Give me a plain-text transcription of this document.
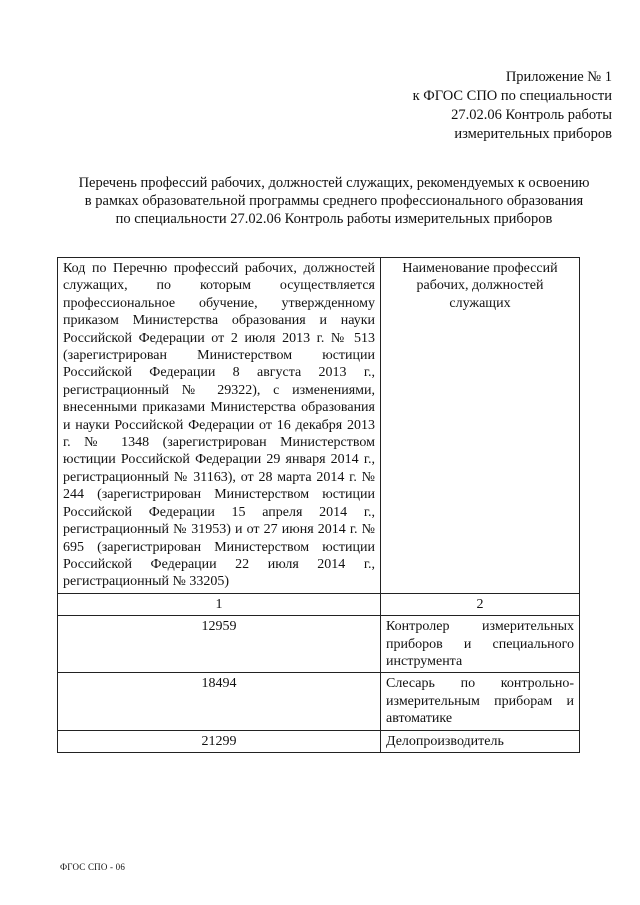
Приложение № 1
к ФГОС СПО по специальности
27.02.06 Контроль работы
измерительных приборов
Перечень профессий рабочих, должностей служащих, рекомендуемых к освоению
в рамках образовательной программы среднего профессионального образования
по специальности 27.02.06 Контроль работы измерительных приборов
Код по Перечню профессий рабочих, должностей служащих, по которым осуществляется профессиональное обучение, утвержденному приказом Министерства образования и науки Российской Федерации от 2 июля 2013 г. № 513 (зарегистрирован Министерством юстиции Российской Федерации 8 августа 2013 г., регистрационный № 29322), с изменениями, внесенными приказами Министерства образования и науки Российской Федерации от 16 декабря 2013 г. № 1348 (зарегистрирован Министерством юстиции Российской Федерации 29 января 2014 г., регистрационный № 31163), от 28 марта 2014 г. № 244 (зарегистрирован Министерством юстиции Российской Федерации 15 апреля 2014 г., регистрационный № 31953) и от 27 июня 2014 г. № 695 (зарегистрирован Министерством юстиции Российской Федерации 22 июля 2014 г., регистрационный № 33205)	Наименование профессий рабочих, должностей служащих
1	2
12959	Контролер измерительных приборов и специального инструмента
18494	Слесарь по контрольно-измерительным приборам и автоматике
21299	Делопроизводитель
ФГОС СПО - 06
